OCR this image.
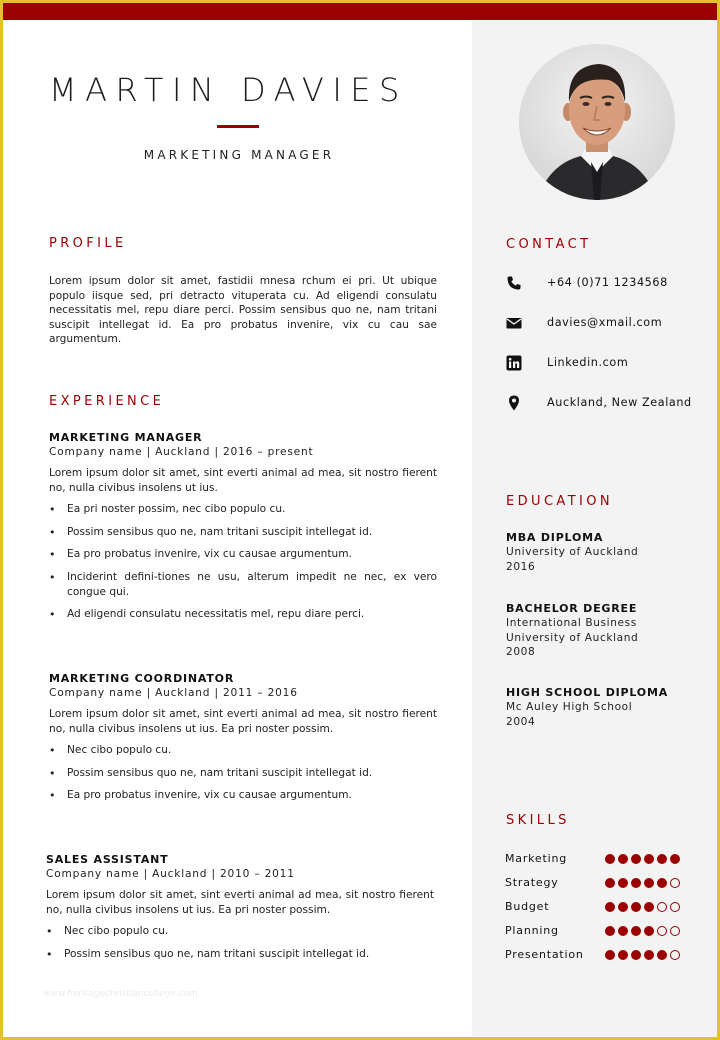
MARTIN DAVIES
MARKETING MANAGER
PROFILE
Lorem ipsum dolor sit amet, fastidii mnesa rchum ei pri. Ut ubique populo iisque sed, pri detracto vituperata cu. Ad eligendi consulatu necessitatis mel, repu diare perci. Possim sensibus quo ne, nam tritani suscipit intellegat id. Ea pro probatus invenire, vix cu cau sae argumentum.
EXPERIENCE
MARKETING MANAGER
Company name | Auckland | 2016 – present
Lorem ipsum dolor sit amet, sint everti animal ad mea, sit nostro fierent no, nulla civibus insolens ut ius.
• Ea pri noster possim, nec cibo populo cu.
• Possim sensibus quo ne, nam tritani suscipit intellegat id.
• Ea pro probatus invenire, vix cu causae argumentum.
• Inciderint defini-tiones ne usu, alterum impedit ne nec, ex vero congue qui.
• Ad eligendi consulatu necessitatis mel, repu diare perci.
MARKETING COORDINATOR
Company name | Auckland | 2011 – 2016
Lorem ipsum dolor sit amet, sint everti animal ad mea, sit nostro fierent no, nulla civibus insolens ut ius. Ea pri noster possim.
• Nec cibo populo cu.
• Possim sensibus quo ne, nam tritani suscipit intellegat id.
• Ea pro probatus invenire, vix cu causae argumentum.
SALES ASSISTANT
Company name | Auckland | 2010 – 2011
Lorem ipsum dolor sit amet, sint everti animal ad mea, sit nostro fierent no, nulla civibus insolens ut ius. Ea pri noster possim.
• Nec cibo populo cu.
• Possim sensibus quo ne, nam tritani suscipit intellegat id.
CONTACT
+64 (0)71 1234568
davies@xmail.com
Linkedin.com
Auckland, New Zealand
EDUCATION
MBA DIPLOMA
University of Auckland
2016
BACHELOR DEGREE
International Business
University of Auckland
2008
HIGH SCHOOL DIPLOMA
Mc Auley High School
2004
SKILLS
Marketing
Strategy
Budget
Planning
Presentation
www.heritagechristiancollege.com
